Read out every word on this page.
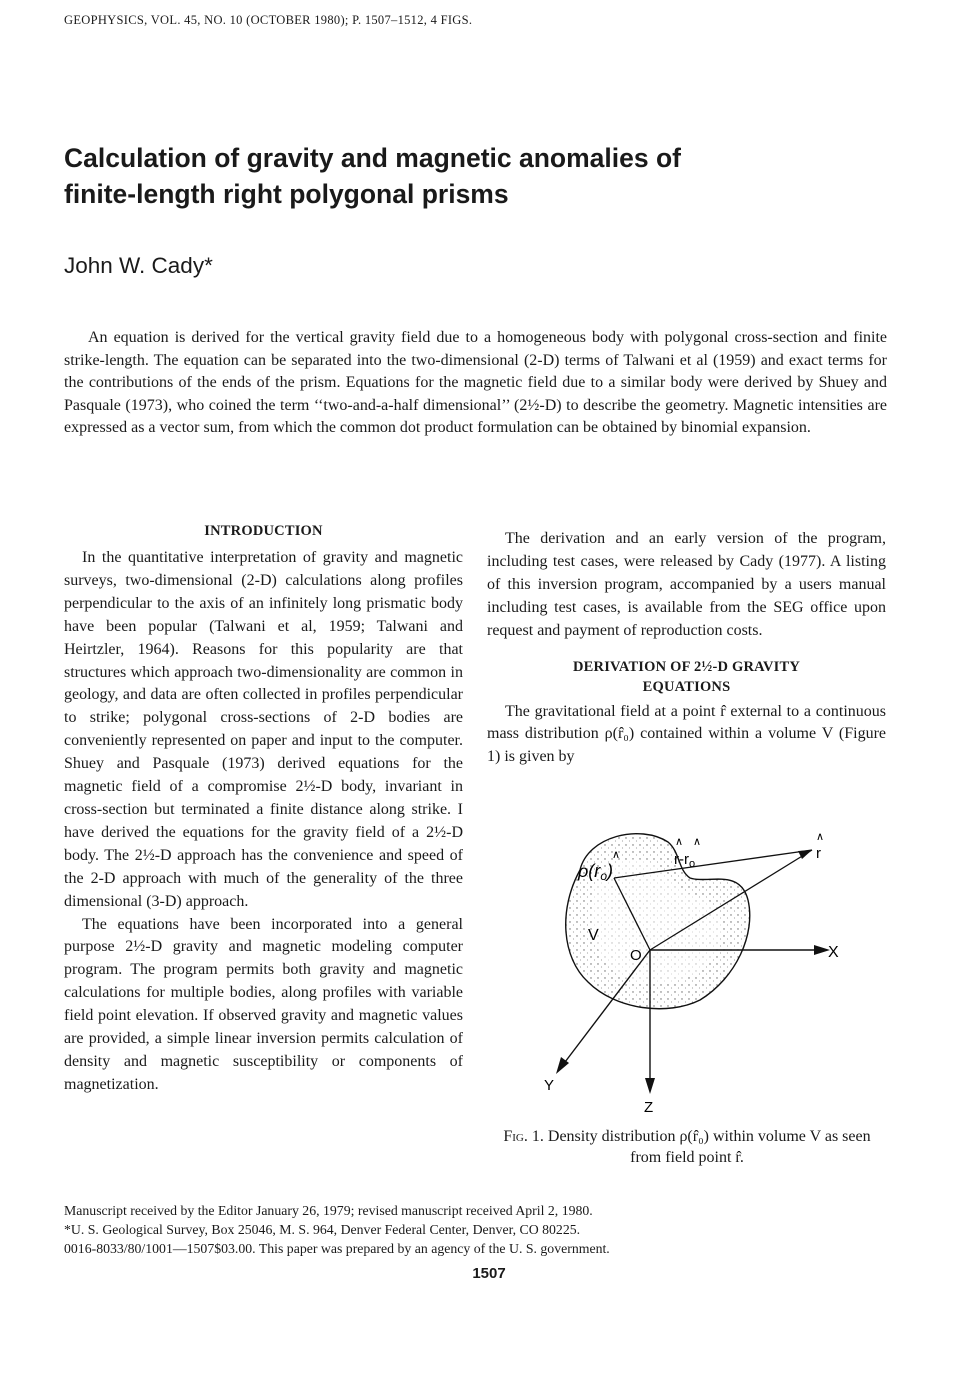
GEOPHYSICS, VOL. 45, NO. 10 (OCTOBER 1980); P. 1507–1512, 4 FIGS.
Calculation of gravity and magnetic anomalies of
finite-length right polygonal prisms
John W. Cady*

An equation is derived for the vertical gravity field due to a homogeneous body with polygonal cross-section and finite strike-length. The equation can be separated into the two-dimensional (2-D) terms of Talwani et al (1959) and exact terms for the contributions of the ends of the prism. Equations for the magnetic field due to a similar body were derived by Shuey and Pasquale (1973), who coined the term ‘‘two-and-a-half dimensional’’ (2½-D) to describe the geometry. Magnetic intensities are expressed as a vector sum, from which the common dot product formulation can be obtained by binomial expansion.

INTRODUCTION

In the quantitative interpretation of gravity and magnetic surveys, two-dimensional (2-D) calculations along profiles perpendicular to the axis of an infinitely long prismatic body have been popular (Talwani et al, 1959; Talwani and Heirtzler, 1964). Reasons for this popularity are that structures which approach two-dimensionality are common in geology, and data are often collected in profiles perpendicular to strike; polygonal cross-sections of 2-D bodies are conveniently represented on paper and input to the computer. Shuey and Pasquale (1973) derived equations for the magnetic field of a compromise 2½-D body, invariant in cross-section but terminated a finite distance along strike. I have derived the equations for the gravity field of a 2½-D body. The 2½-D approach has the convenience and speed of the 2-D approach with much of the generality of the three dimensional (3-D) approach.

The equations have been incorporated into a general purpose 2½-D gravity and magnetic modeling computer program. The program permits both gravity and magnetic calculations for multiple bodies, along profiles with variable field point elevation. If observed gravity and magnetic values are provided, a simple linear inversion permits calculation of density and magnetic susceptibility or components of magnetization.

The derivation and an early version of the program, including test cases, were released by Cady (1977). A listing of this inversion program, accompanied by a users manual including test cases, is available from the SEG office upon request and payment of reproduction costs.

DERIVATION OF 2½-D GRAVITY
EQUATIONS

The gravitational field at a point r̂ external to a continuous mass distribution ρ(r̂₀) contained within a volume V (Figure 1) is given by

ρ(ro)
∧	$r-r_o$
∧ ∧
r
∧
V
O	X
Y
Z
Fig. 1. Density distribution ρ(r̂₀) within volume V as seen from field point r̂.
Manuscript received by the Editor January 26, 1979; revised manuscript received April 2, 1980.
*U. S. Geological Survey, Box 25046, M. S. 964, Denver Federal Center, Denver, CO 80225.
0016-8033/80/1001—1507$03.00. This paper was prepared by an agency of the U. S. government.
1507
